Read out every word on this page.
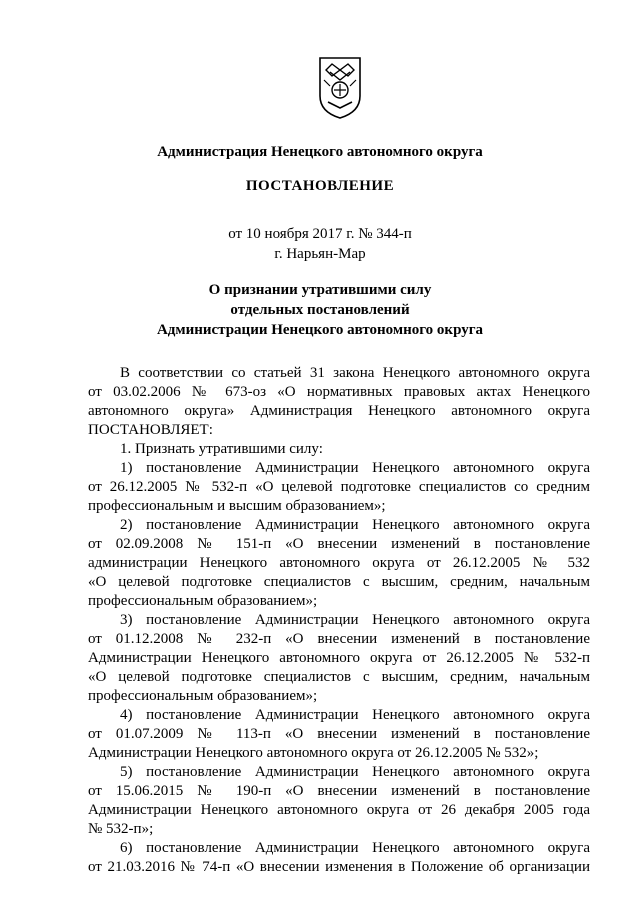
Администрация Ненецкого автономного округа
ПОСТАНОВЛЕНИЕ
от 10 ноября 2017 г. № 344-п
г. Нарьян-Мар
О признании утратившими силу
отдельных постановлений
Администрации Ненецкого автономного округа
В соответствии со статьей 31 закона Ненецкого автономного округа
от 03.02.2006 № 673-оз «О нормативных правовых актах Ненецкого
автономного округа» Администрация Ненецкого автономного округа
ПОСТАНОВЛЯЕТ:
1. Признать утратившими силу:
1) постановление Администрации Ненецкого автономного округа
от 26.12.2005 № 532-п «О целевой подготовке специалистов со средним
профессиональным и высшим образованием»;
2) постановление Администрации Ненецкого автономного округа
от 02.09.2008 № 151-п «О внесении изменений в постановление
администрации Ненецкого автономного округа от 26.12.2005 № 532
«О целевой подготовке специалистов с высшим, средним, начальным
профессиональным образованием»;
3) постановление Администрации Ненецкого автономного округа
от 01.12.2008 № 232-п «О внесении изменений в постановление
Администрации Ненецкого автономного округа от 26.12.2005 № 532-п
«О целевой подготовке специалистов с высшим, средним, начальным
профессиональным образованием»;
4) постановление Администрации Ненецкого автономного округа
от 01.07.2009 № 113-п «О внесении изменений в постановление
Администрации Ненецкого автономного округа от 26.12.2005 № 532»;
5) постановление Администрации Ненецкого автономного округа
от 15.06.2015 № 190-п «О внесении изменений в постановление
Администрации Ненецкого автономного округа от 26 декабря 2005 года
№ 532-п»;
6) постановление Администрации Ненецкого автономного округа
от 21.03.2016 № 74-п «О внесении изменения в Положение об организации
